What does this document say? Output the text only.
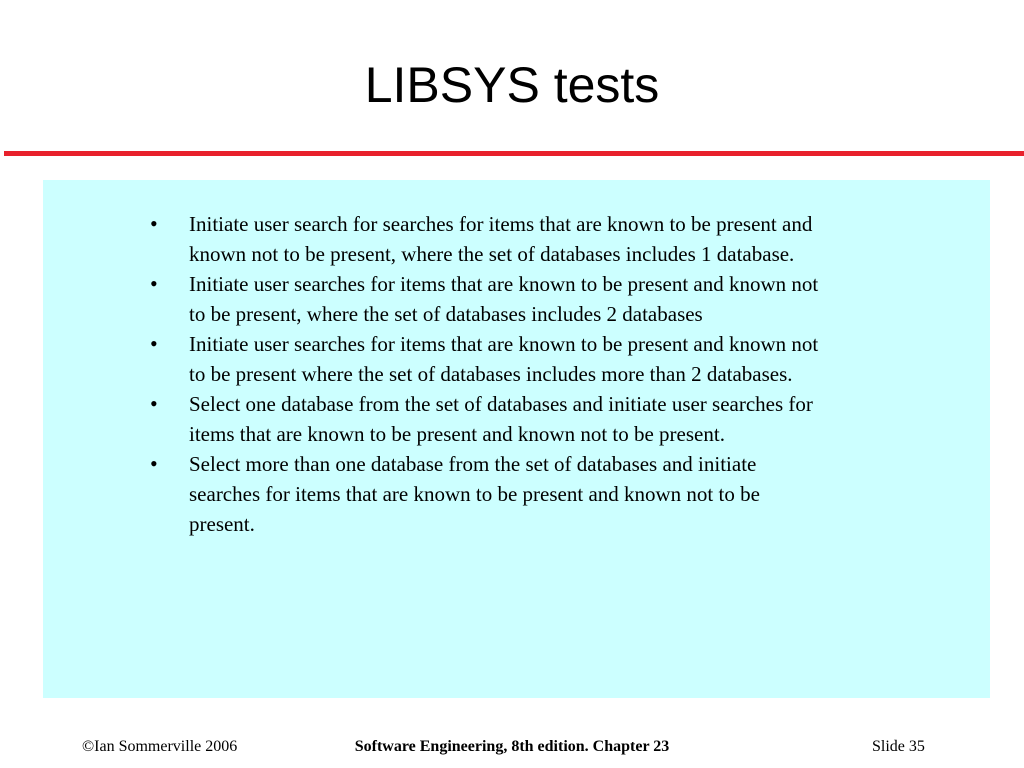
LIBSYS tests
• Initiate user search for searches for items that are known to be present and known not to be present, where the set of databases includes 1 database.
• Initiate user searches for items that are known to be present and known not to be present, where the set of databases includes 2 databases
• Initiate user searches for items that are known to be present and known not to be present where the set of databases includes more than 2 databases.
• Select one database from the set of databases and initiate user searches for items that are known to be present and known not to be present.
• Select more than one database from the set of databases and initiate searches for items that are known to be present and known not to be present.
©Ian Sommerville 2006	Software Engineering, 8th edition. Chapter 23	Slide 35
